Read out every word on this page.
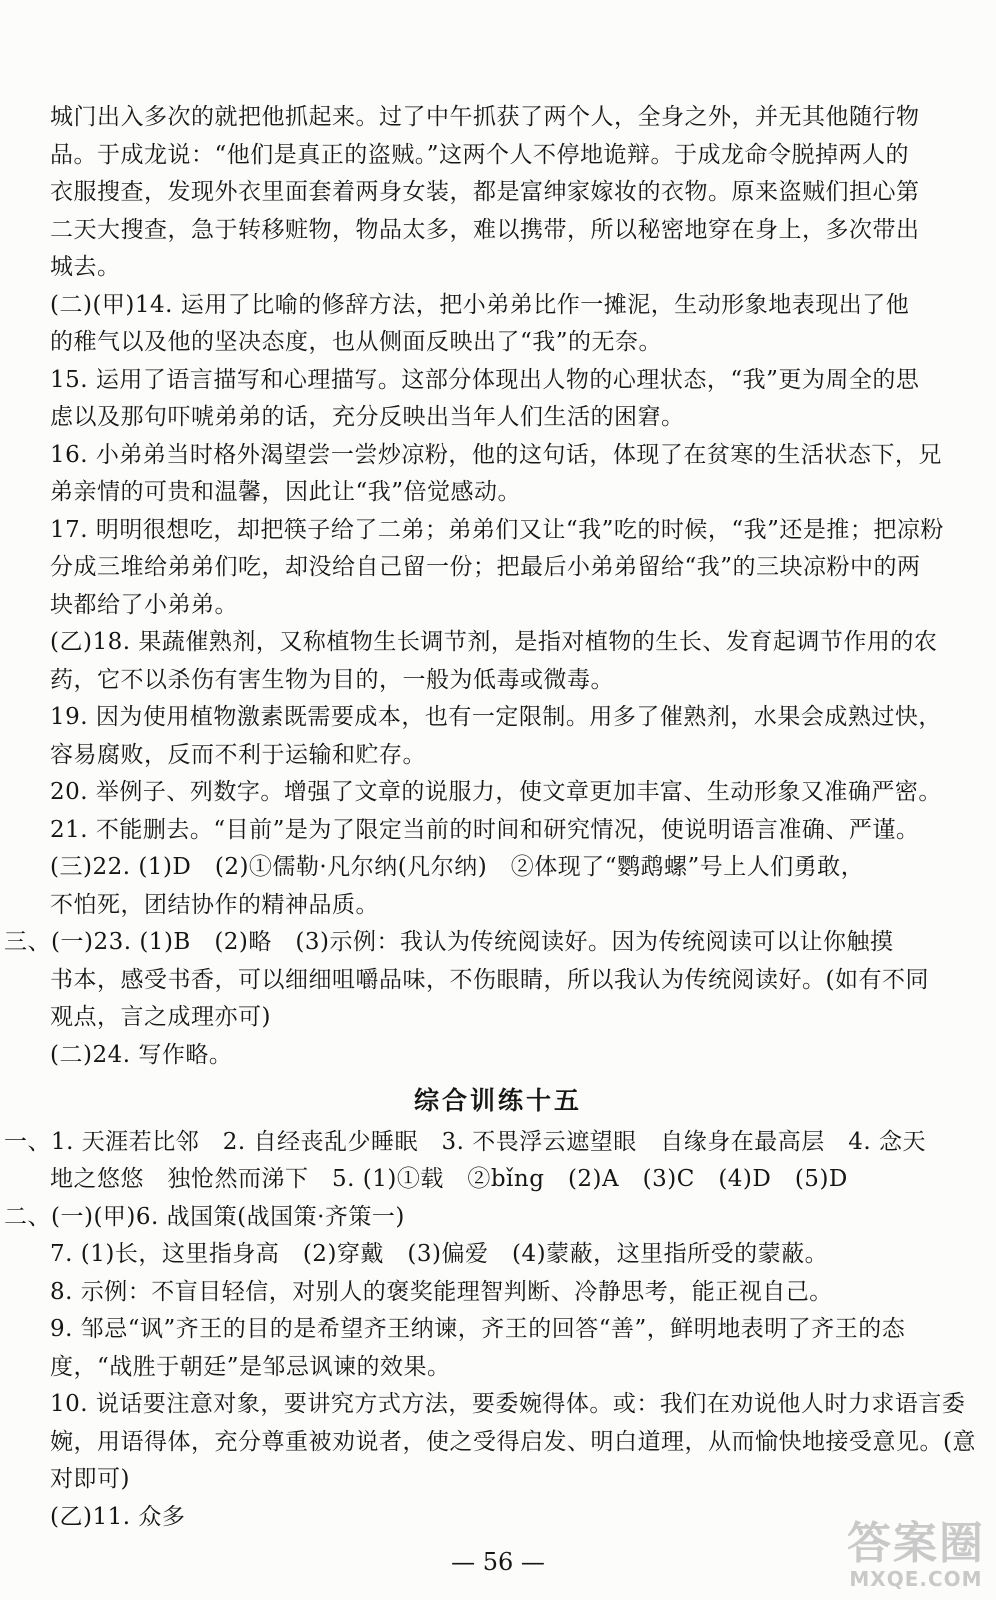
城门出入多次的就把他抓起来。过了中午抓获了两个人，全身之外，并无其他随行物
品。于成龙说：“他们是真正的盗贼。”这两个人不停地诡辩。于成龙命令脱掉两人的
衣服搜查，发现外衣里面套着两身女装，都是富绅家嫁妆的衣物。原来盗贼们担心第
二天大搜查，急于转移赃物，物品太多，难以携带，所以秘密地穿在身上，多次带出
城去。
(二)(甲)14. 运用了比喻的修辞方法，把小弟弟比作一摊泥，生动形象地表现出了他
的稚气以及他的坚决态度，也从侧面反映出了“我”的无奈。
15. 运用了语言描写和心理描写。这部分体现出人物的心理状态，“我”更为周全的思
虑以及那句吓唬弟弟的话，充分反映出当年人们生活的困窘。
16. 小弟弟当时格外渴望尝一尝炒凉粉，他的这句话，体现了在贫寒的生活状态下，兄
弟亲情的可贵和温馨，因此让“我”倍觉感动。
17. 明明很想吃，却把筷子给了二弟；弟弟们又让“我”吃的时候，“我”还是推；把凉粉
分成三堆给弟弟们吃，却没给自己留一份；把最后小弟弟留给“我”的三块凉粉中的两
块都给了小弟弟。
(乙)18. 果蔬催熟剂，又称植物生长调节剂，是指对植物的生长、发育起调节作用的农
药，它不以杀伤有害生物为目的，一般为低毒或微毒。
19. 因为使用植物激素既需要成本，也有一定限制。用多了催熟剂，水果会成熟过快，
容易腐败，反而不利于运输和贮存。
20. 举例子、列数字。增强了文章的说服力，使文章更加丰富、生动形象又准确严密。
21. 不能删去。“目前”是为了限定当前的时间和研究情况，使说明语言准确、严谨。
(三)22. (1)D　(2)①儒勒·凡尔纳(凡尔纳)　②体现了“鹦鹉螺”号上人们勇敢，
不怕死，团结协作的精神品质。
三、(一)23. (1)B　(2)略　(3)示例：我认为传统阅读好。因为传统阅读可以让你触摸
书本，感受书香，可以细细咀嚼品味，不伤眼睛，所以我认为传统阅读好。(如有不同
观点，言之成理亦可)
(二)24. 写作略。
综合训练十五
一、1. 天涯若比邻　2. 自经丧乱少睡眠　3. 不畏浮云遮望眼　自缘身在最高层　4. 念天
地之悠悠　独怆然而涕下　5. (1)①载　②bǐng　(2)A　(3)C　(4)D　(5)D
二、(一)(甲)6. 战国策(战国策·齐策一)
7. (1)长，这里指身高　(2)穿戴　(3)偏爱　(4)蒙蔽，这里指所受的蒙蔽。
8. 示例：不盲目轻信，对别人的褒奖能理智判断、冷静思考，能正视自己。
9. 邹忌“讽”齐王的目的是希望齐王纳谏，齐王的回答“善”，鲜明地表明了齐王的态
度，“战胜于朝廷”是邹忌讽谏的效果。
10. 说话要注意对象，要讲究方式方法，要委婉得体。或：我们在劝说他人时力求语言委
婉，用语得体，充分尊重被劝说者，使之受得启发、明白道理，从而愉快地接受意见。(意
对即可)
(乙)11. 众多
— 56 —	答案圈
MXQE.COM
